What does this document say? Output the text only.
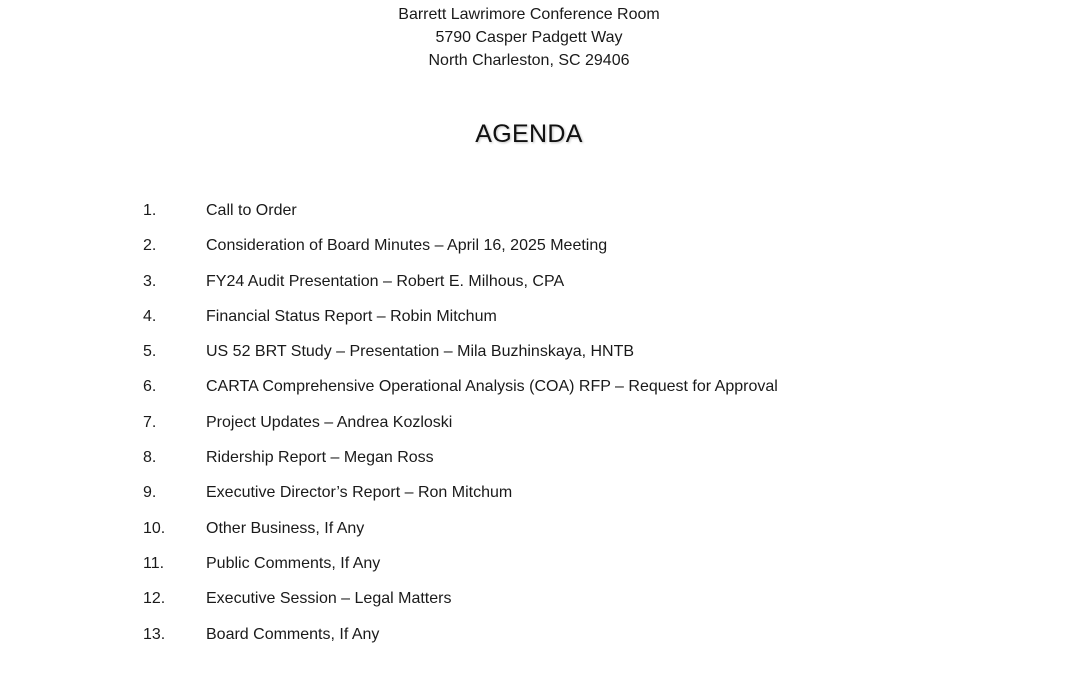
Barrett Lawrimore Conference Room
5790 Casper Padgett Way
North Charleston, SC 29406
AGENDA
1.	Call to Order
2.	Consideration of Board Minutes – April 16, 2025 Meeting
3.	FY24 Audit Presentation – Robert E. Milhous, CPA
4.	Financial Status Report – Robin Mitchum
5.	US 52 BRT Study – Presentation – Mila Buzhinskaya, HNTB
6.	CARTA Comprehensive Operational Analysis (COA) RFP – Request for Approval
7.	Project Updates – Andrea Kozloski
8.	Ridership Report – Megan Ross
9.	Executive Director’s Report – Ron Mitchum
10.	Other Business, If Any
11.	Public Comments, If Any
12.	Executive Session – Legal Matters
13.	Board Comments, If Any
